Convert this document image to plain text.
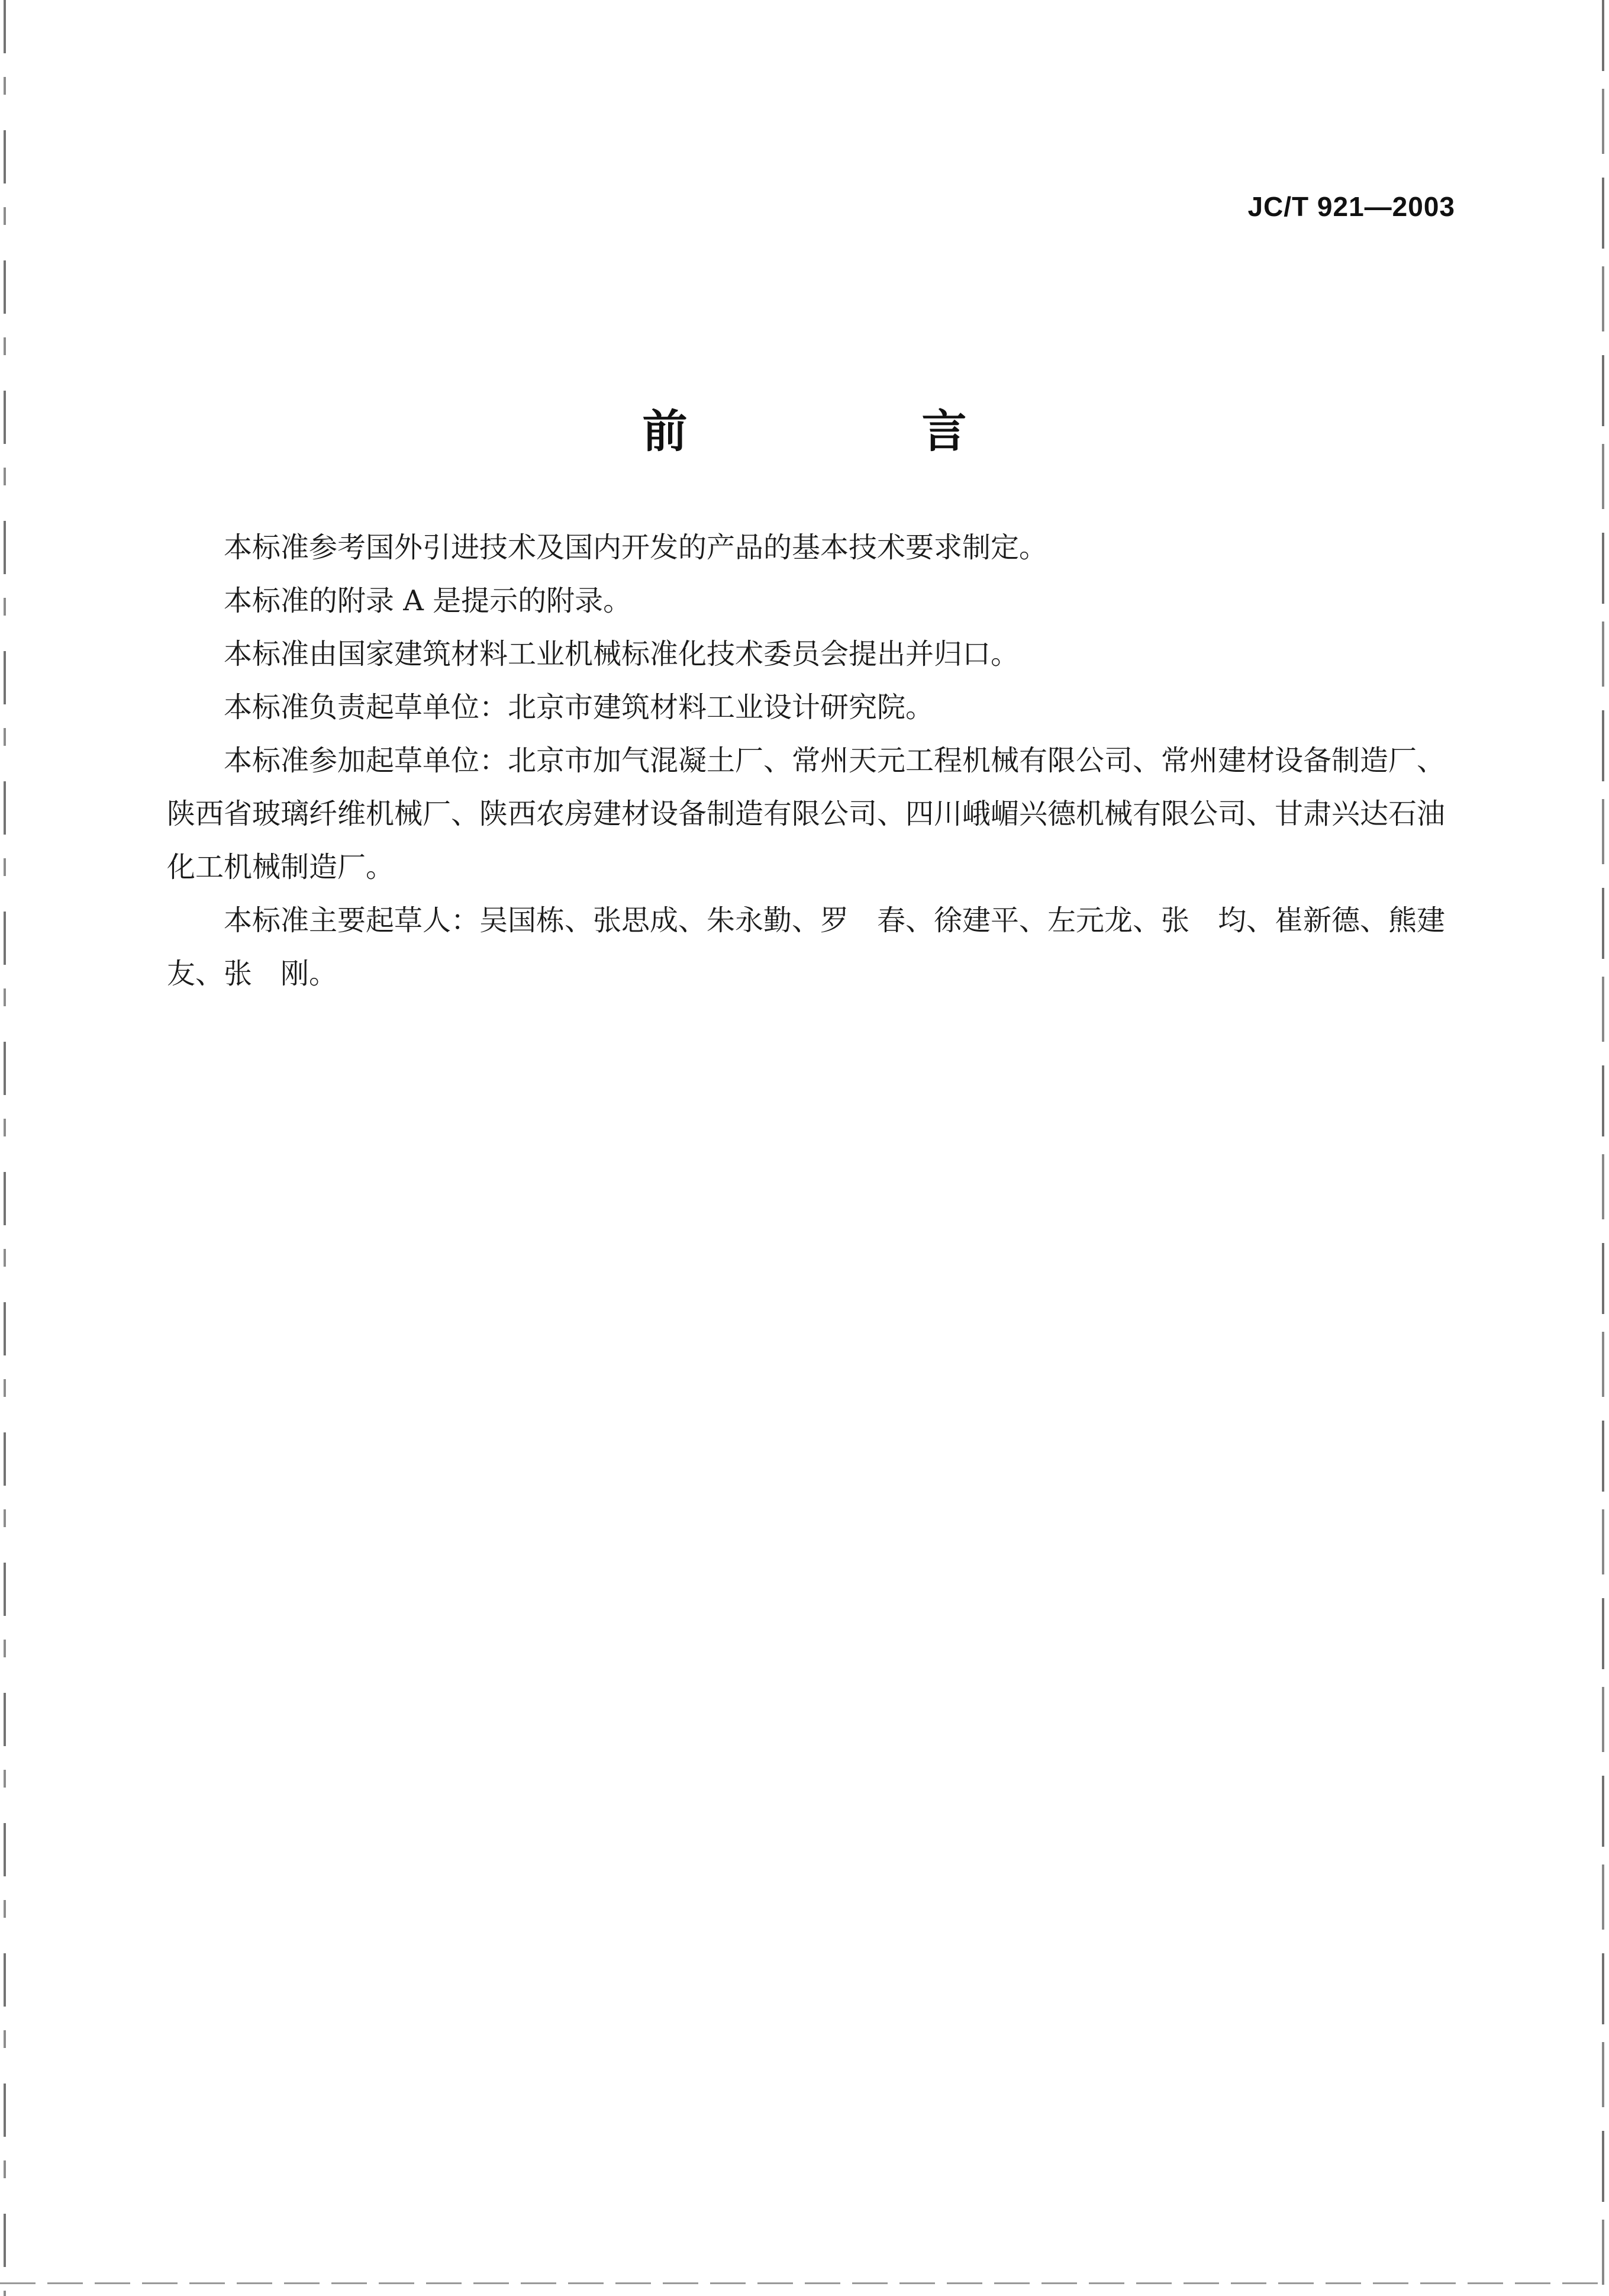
JC/T 921—2003
前　言

本标准参考国外引进技术及国内开发的产品的基本技术要求制定。

本标准的附录 A 是提示的附录。

本标准由国家建筑材料工业机械标准化技术委员会提出并归口。

本标准负责起草单位：北京市建筑材料工业设计研究院。

本标准参加起草单位：北京市加气混凝土厂、常州天元工程机械有限公司、常州建材设备制造厂、陕西省玻璃纤维机械厂、陕西农房建材设备制造有限公司、四川峨嵋兴德机械有限公司、甘肃兴达石油化工机械制造厂。

本标准主要起草人：吴国栋、张思成、朱永勤、罗　春、徐建平、左元龙、张　均、崔新德、熊建友、张　刚。
